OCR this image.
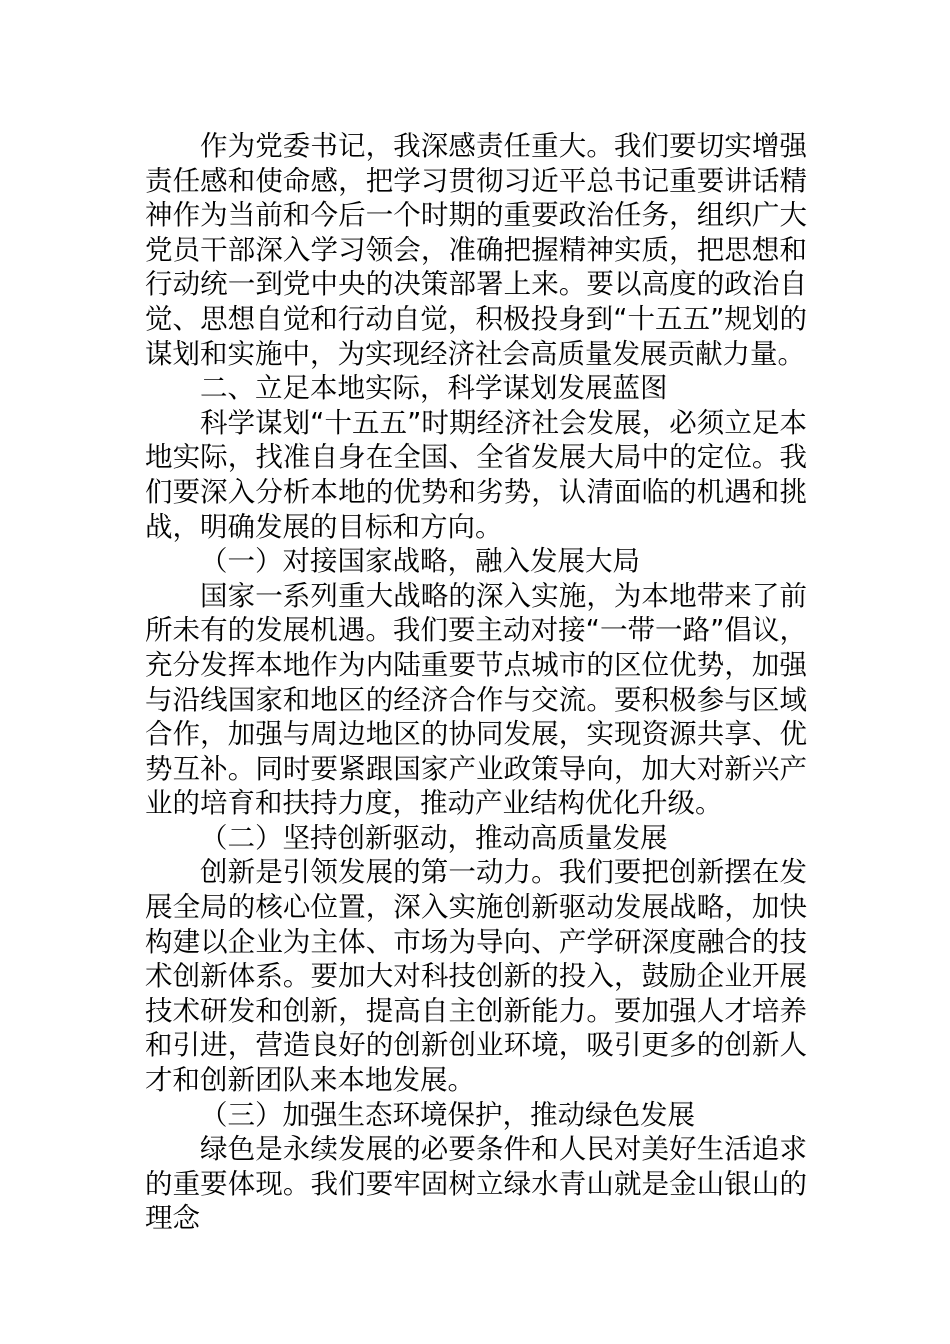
作为党委书记，我深感责任重大。我们要切实增强责任感和使命感，把学习贯彻习近平总书记重要讲话精神作为当前和今后一个时期的重要政治任务，组织广大党员干部深入学习领会，准确把握精神实质，把思想和行动统一到党中央的决策部署上来。要以高度的政治自觉、思想自觉和行动自觉，积极投身到“十五五”规划的谋划和实施中，为实现经济社会高质量发展贡献力量。

二、立足本地实际，科学谋划发展蓝图

科学谋划“十五五”时期经济社会发展，必须立足本地实际，找准自身在全国、全省发展大局中的定位。我们要深入分析本地的优势和劣势，认清面临的机遇和挑战，明确发展的目标和方向。

（一）对接国家战略，融入发展大局

国家一系列重大战略的深入实施，为本地带来了前所未有的发展机遇。我们要主动对接“一带一路”倡议，充分发挥本地作为内陆重要节点城市的区位优势，加强与沿线国家和地区的经济合作与交流。要积极参与区域合作，加强与周边地区的协同发展，实现资源共享、优势互补。同时要紧跟国家产业政策导向，加大对新兴产业的培育和扶持力度，推动产业结构优化升级。

（二）坚持创新驱动，推动高质量发展

创新是引领发展的第一动力。我们要把创新摆在发展全局的核心位置，深入实施创新驱动发展战略，加快构建以企业为主体、市场为导向、产学研深度融合的技术创新体系。要加大对科技创新的投入，鼓励企业开展技术研发和创新，提高自主创新能力。要加强人才培养和引进，营造良好的创新创业环境，吸引更多的创新人才和创新团队来本地发展。

（三）加强生态环境保护，推动绿色发展

绿色是永续发展的必要条件和人民对美好生活追求的重要体现。我们要牢固树立绿水青山就是金山银山的理念
